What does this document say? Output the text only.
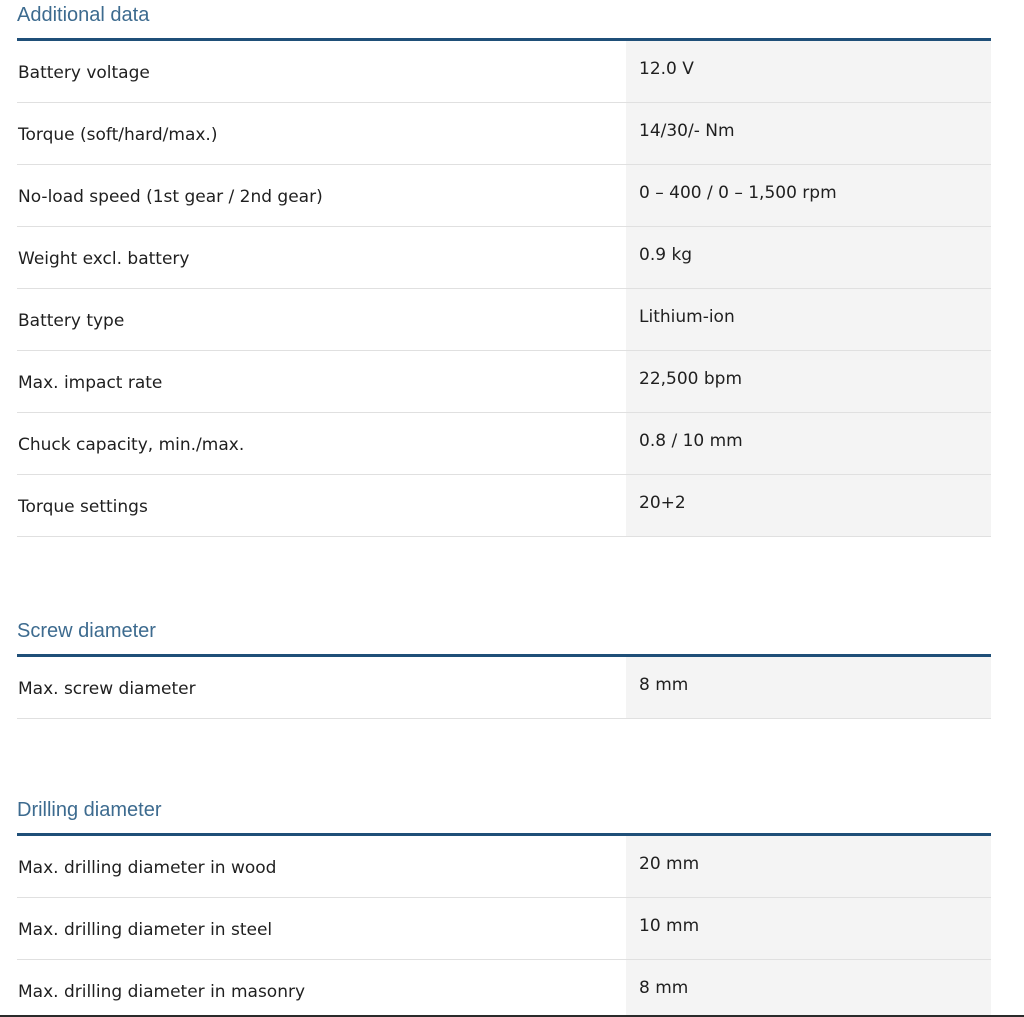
Additional data
Battery voltage	12.0 V
Torque (soft/hard/max.)	14/30/- Nm
No-load speed (1st gear / 2nd gear)	0 – 400 / 0 – 1,500 rpm
Weight excl. battery	0.9 kg
Battery type	Lithium-ion
Max. impact rate	22,500 bpm
Chuck capacity, min./max.	0.8 / 10 mm
Torque settings	20+2
Screw diameter
Max. screw diameter	8 mm
Drilling diameter
Max. drilling diameter in wood	20 mm
Max. drilling diameter in steel	10 mm
Max. drilling diameter in masonry	8 mm
